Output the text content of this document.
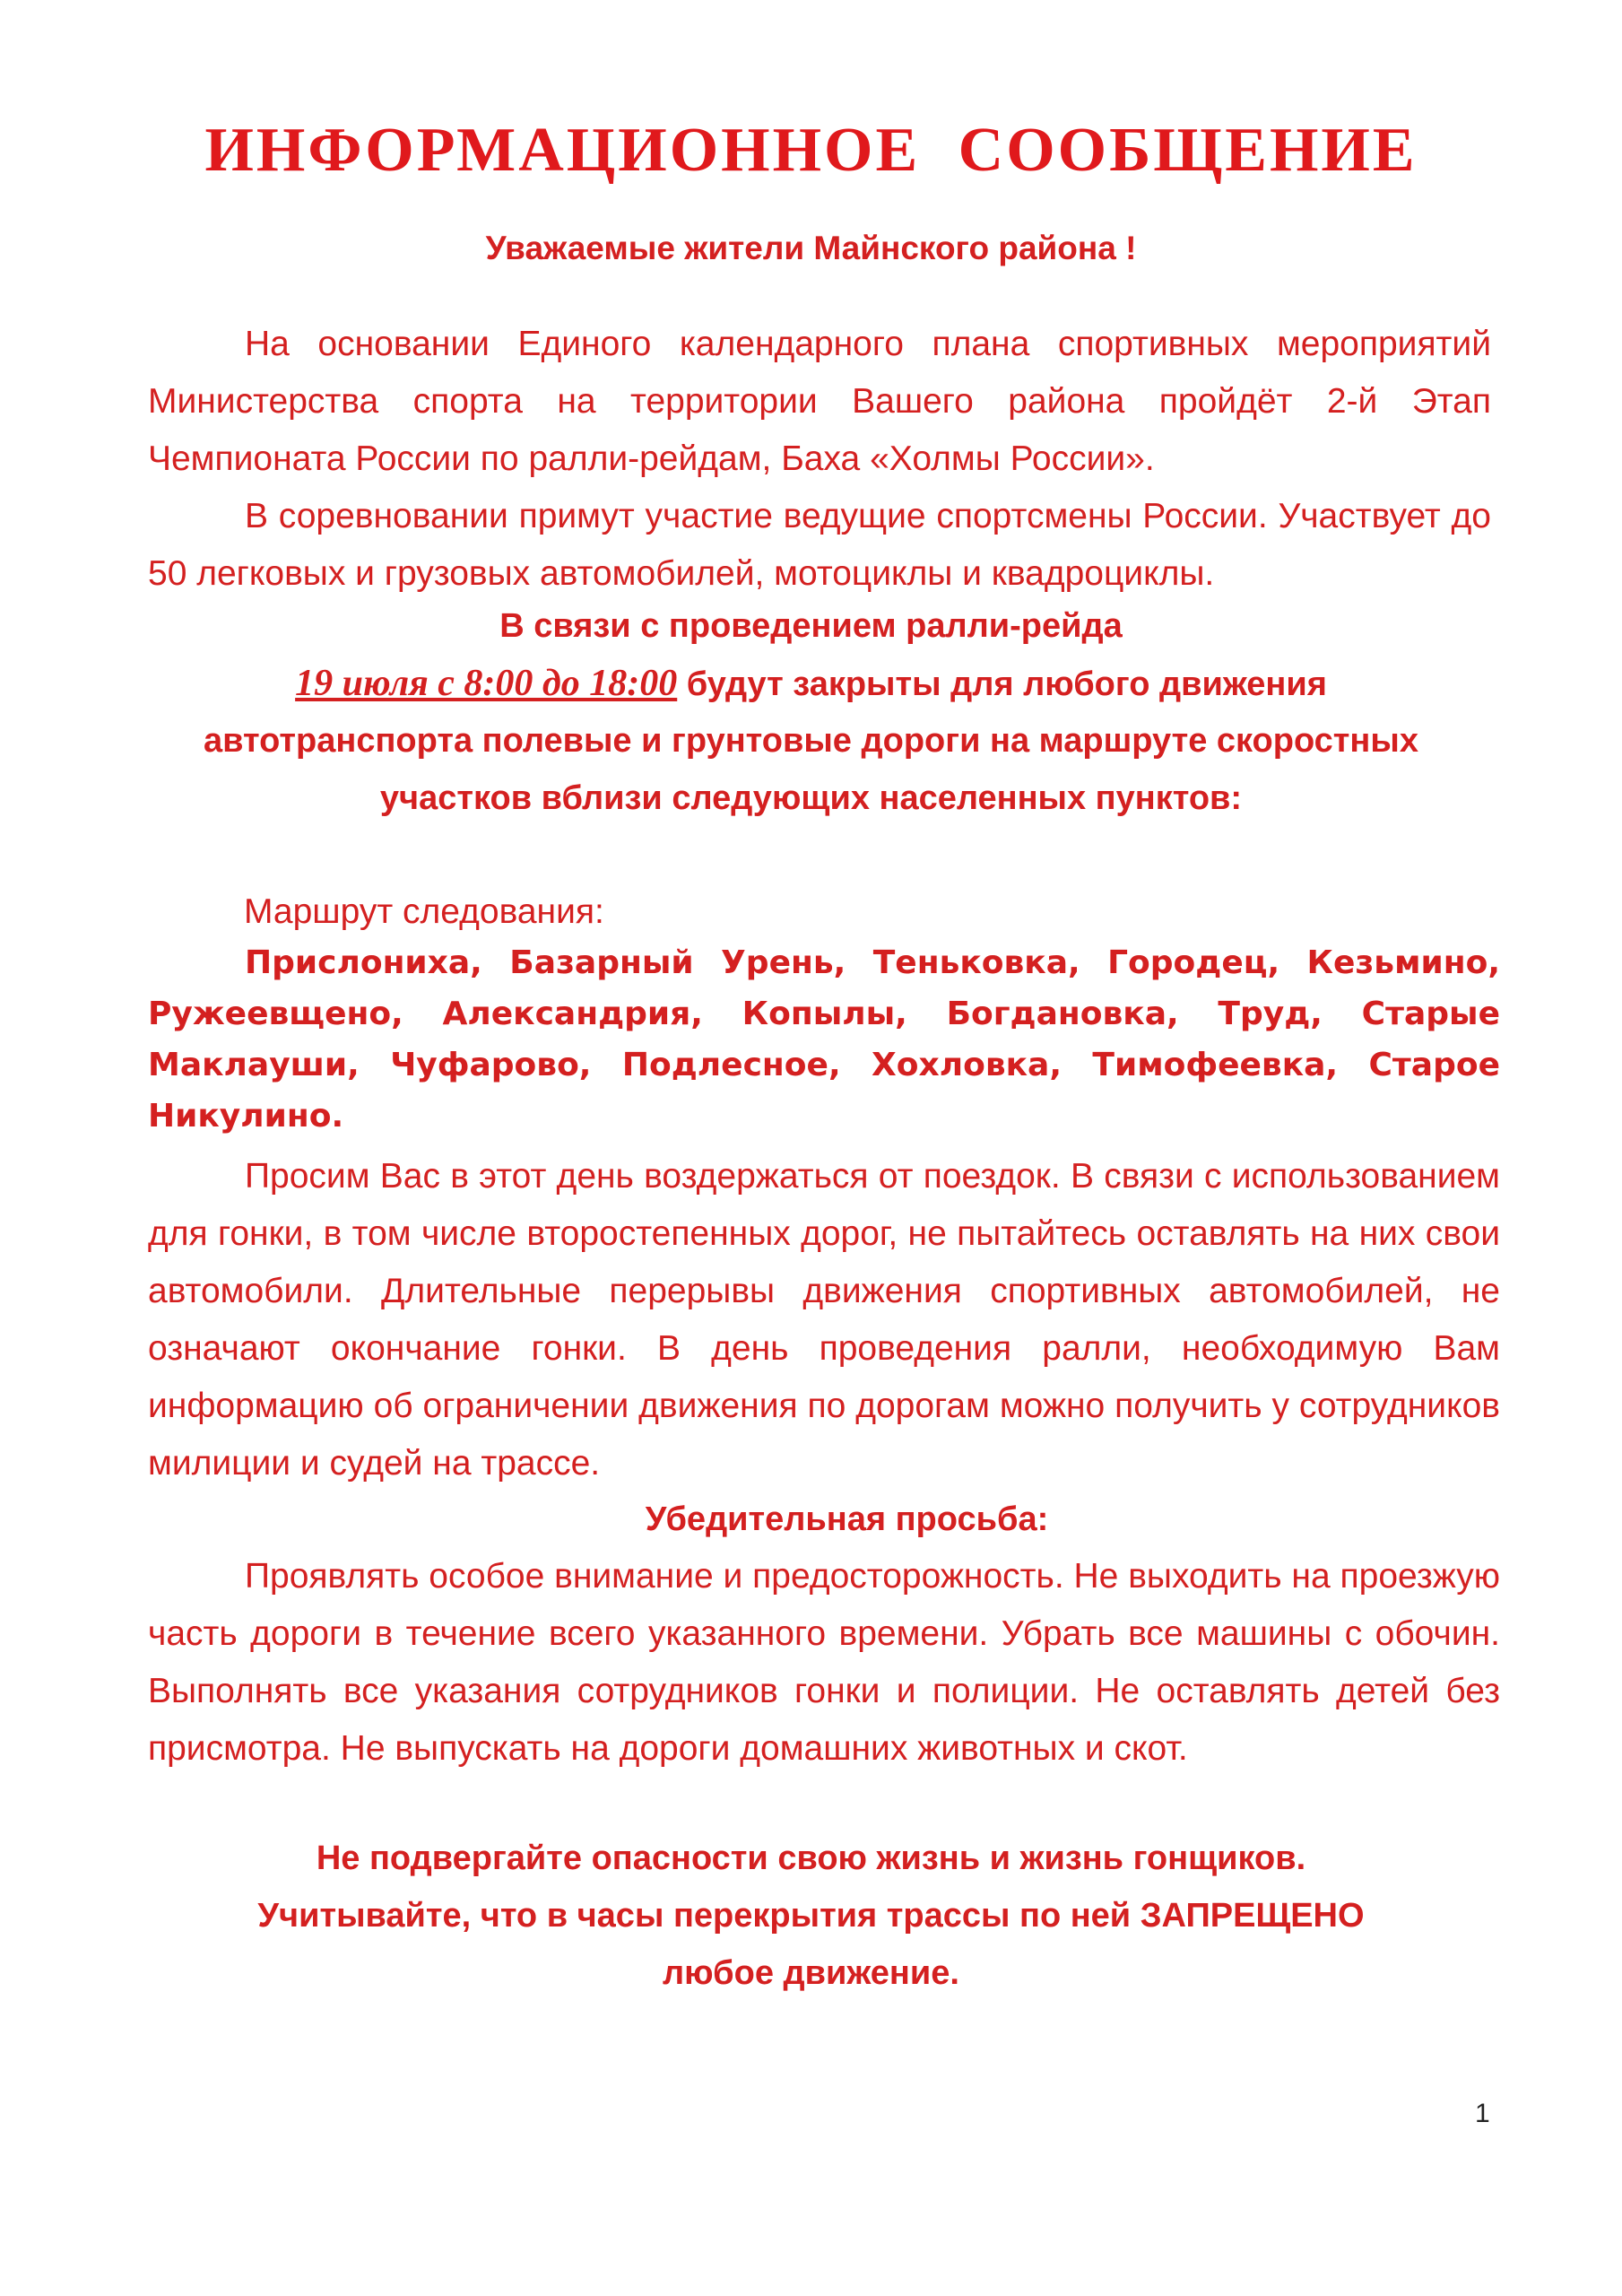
ИНФОРМАЦИОННОЕ СООБЩЕНИЕ
Уважаемые жители Майнского района !

На основании Единого календарного плана спортивных мероприятий Министерства спорта на территории Вашего района пройдёт 2-й Этап Чемпионата России по ралли-рейдам, Баха «Холмы России».

В соревновании примут участие ведущие спортсмены России. Участвует до 50 легковых и грузовых автомобилей, мотоциклы и квадроциклы.

В связи с проведением ралли-рейда
19 июля с 8:00 до 18:00 будут закрыты для любого движения
автотранспорта полевые и грунтовые дороги на маршруте скоростных
участков вблизи следующих населенных пунктов:
Маршрут следования:

Прислониха, Базарный Урень, Теньковка, Городец, Кезьмино, Ружеевщено, Александрия, Копылы, Богдановка, Труд, Старые Маклауши, Чуфарово, Подлесное, Хохловка, Тимофеевка, Старое Никулино.

Просим Вас в этот день воздержаться от поездок. В связи с использованием для гонки, в том числе второстепенных дорог, не пытайтесь оставлять на них свои автомобили. Длительные перерывы движения спортивных автомобилей, не означают окончание гонки. В день проведения ралли, необходимую Вам информацию об ограничении движения по дорогам можно получить у сотрудников милиции и судей на трассе.

Убедительная просьба:

Проявлять особое внимание и предосторожность. Не выходить на проезжую часть дороги в течение всего указанного времени. Убрать все машины с обочин. Выполнять все указания сотрудников гонки и полиции. Не оставлять детей без присмотра. Не выпускать на дороги домашних животных и скот.

Не подвергайте опасности свою жизнь и жизнь гонщиков.
Учитывайте, что в часы перекрытия трассы по ней ЗАПРЕЩЕНО
любое движение.
1
